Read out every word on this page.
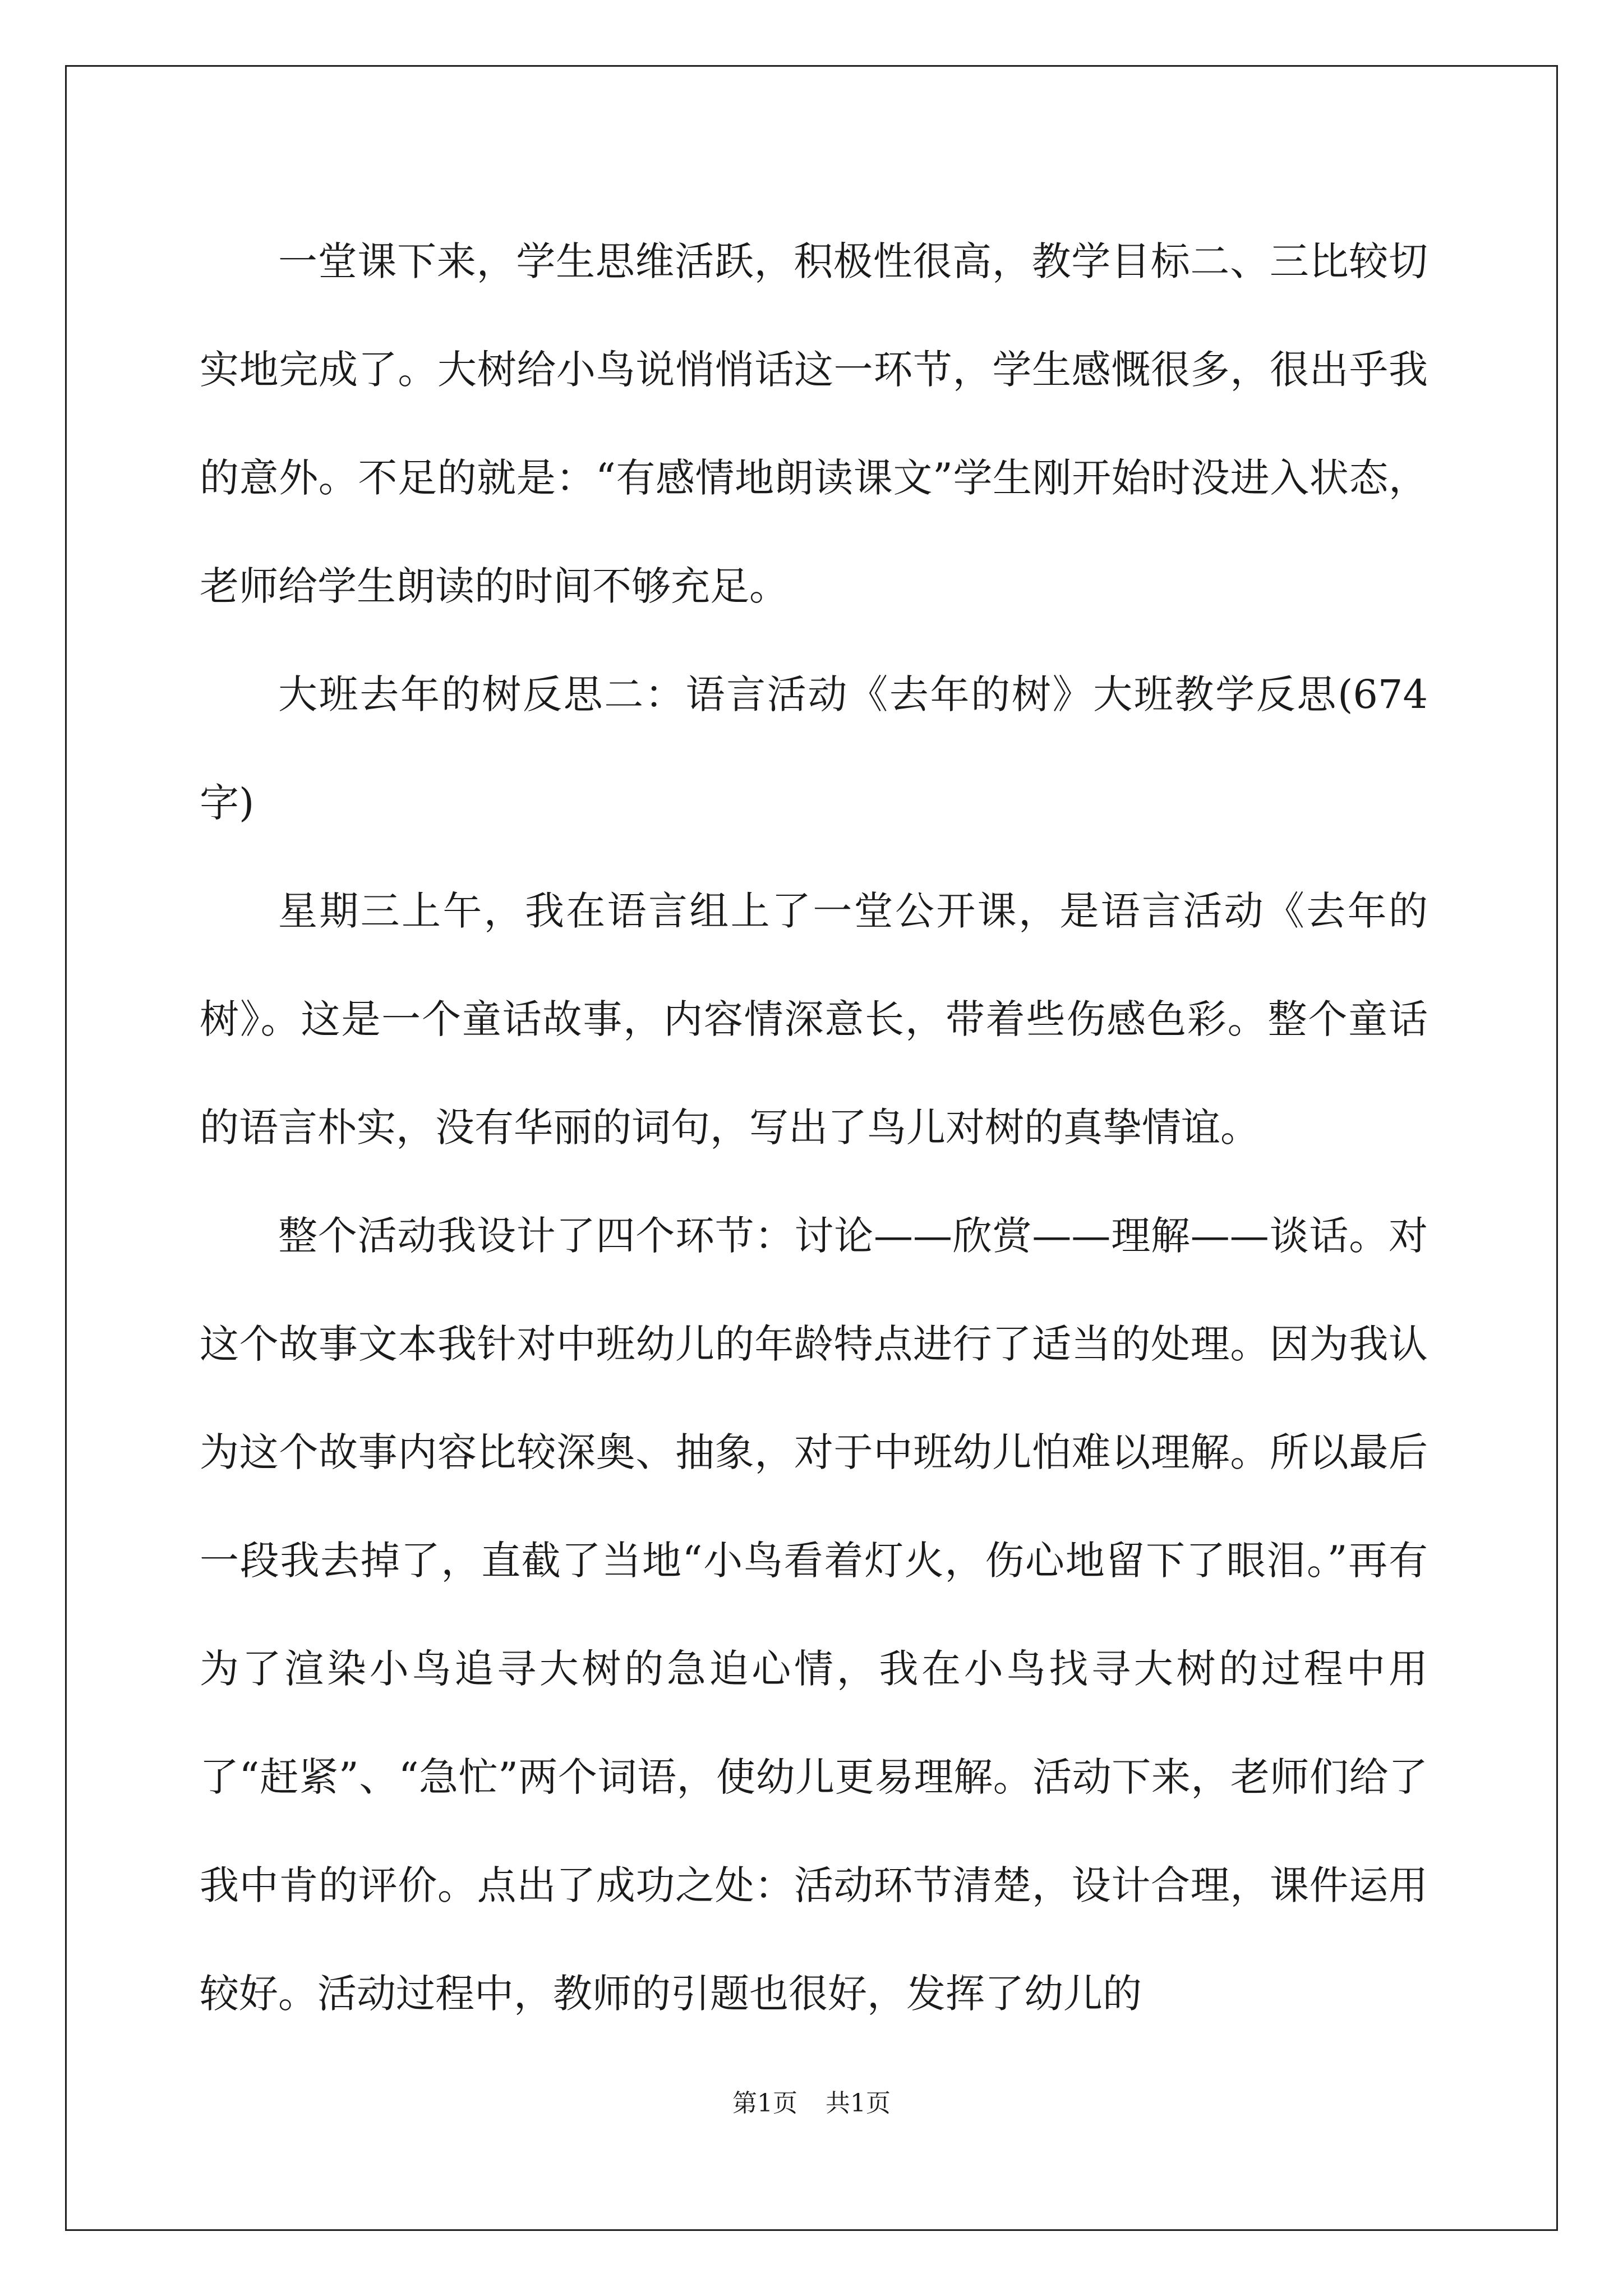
一堂课下来，学生思维活跃，积极性很高，教学目标二、三比较切实地完成了。大树给小鸟说悄悄话这一环节，学生感慨很多，很出乎我的意外。不足的就是：“有感情地朗读课文”学生刚开始时没进入状态，老师给学生朗读的时间不够充足。

大班去年的树反思二：语言活动《去年的树》大班教学反思(674字)

星期三上午，我在语言组上了一堂公开课，是语言活动《去年的树》。这是一个童话故事，内容情深意长，带着些伤感色彩。整个童话的语言朴实，没有华丽的词句，写出了鸟儿对树的真挚情谊。

整个活动我设计了四个环节：讨论——欣赏——理解——谈话。对这个故事文本我针对中班幼儿的年龄特点进行了适当的处理。因为我认为这个故事内容比较深奥、抽象，对于中班幼儿怕难以理解。所以最后一段我去掉了，直截了当地“小鸟看着灯火，伤心地留下了眼泪。”再有为了渲染小鸟追寻大树的急迫心情，我在小鸟找寻大树的过程中用了“赶紧”、“急忙”两个词语，使幼儿更易理解。活动下来，老师们给了我中肯的评价。点出了成功之处：活动环节清楚，设计合理，课件运用较好。活动过程中，教师的引题也很好，发挥了幼儿的

第1页 共1页
